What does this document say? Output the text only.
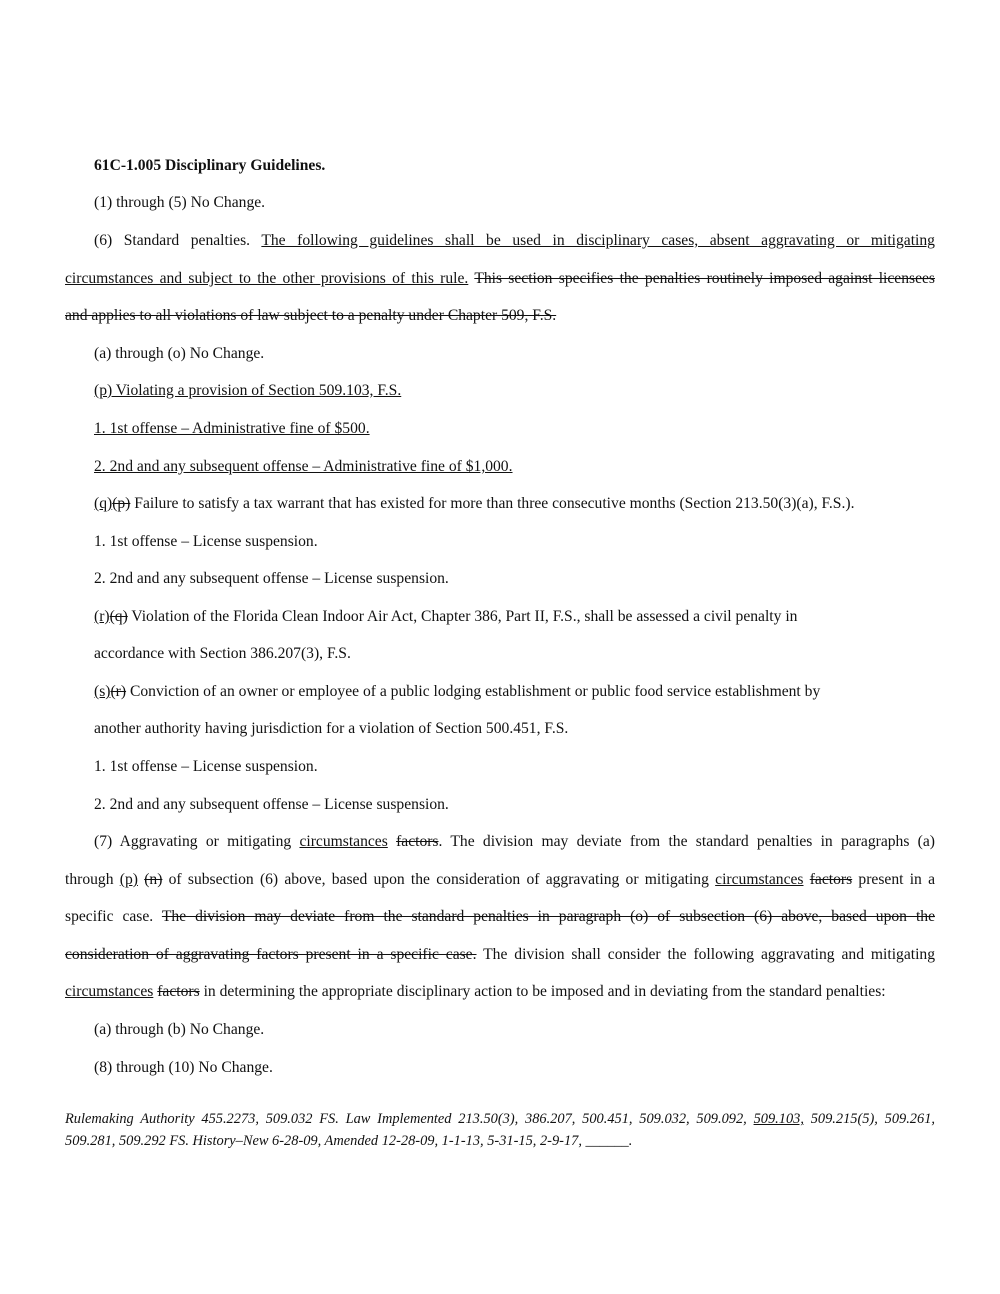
61C-1.005 Disciplinary Guidelines.
(1) through (5) No Change.
(6) Standard penalties. The following guidelines shall be used in disciplinary cases, absent aggravating or mitigating
circumstances and subject to the other provisions of this rule. This section specifies the penalties routinely imposed against licensees
and applies to all violations of law subject to a penalty under Chapter 509, F.S.
(a) through (o) No Change.
(p) Violating a provision of Section 509.103, F.S.
1. 1st offense – Administrative fine of $500.
2. 2nd and any subsequent offense – Administrative fine of $1,000.
(q)(p) Failure to satisfy a tax warrant that has existed for more than three consecutive months (Section 213.50(3)(a), F.S.).
1. 1st offense – License suspension.
2. 2nd and any subsequent offense – License suspension.
(r)(q) Violation of the Florida Clean Indoor Air Act, Chapter 386, Part II, F.S., shall be assessed a civil penalty in
accordance with Section 386.207(3), F.S.
(s)(r) Conviction of an owner or employee of a public lodging establishment or public food service establishment by
another authority having jurisdiction for a violation of Section 500.451, F.S.
1. 1st offense – License suspension.
2. 2nd and any subsequent offense – License suspension.
(7) Aggravating or mitigating circumstances factors. The division may deviate from the standard penalties in paragraphs (a)
through (p) (n) of subsection (6) above, based upon the consideration of aggravating or mitigating circumstances factors present in a
specific case. The division may deviate from the standard penalties in paragraph (o) of subsection (6) above, based upon the
consideration of aggravating factors present in a specific case. The division shall consider the following aggravating and mitigating
circumstances factors in determining the appropriate disciplinary action to be imposed and in deviating from the standard penalties:
(a) through (b) No Change.
(8) through (10) No Change.
Rulemaking Authority 455.2273, 509.032 FS. Law Implemented 213.50(3), 386.207, 500.451, 509.032, 509.092, 509.103, 509.215(5), 509.261,
509.281, 509.292 FS. History–New 6-28-09, Amended 12-28-09, 1-1-13, 5-31-15, 2-9-17, ______.
